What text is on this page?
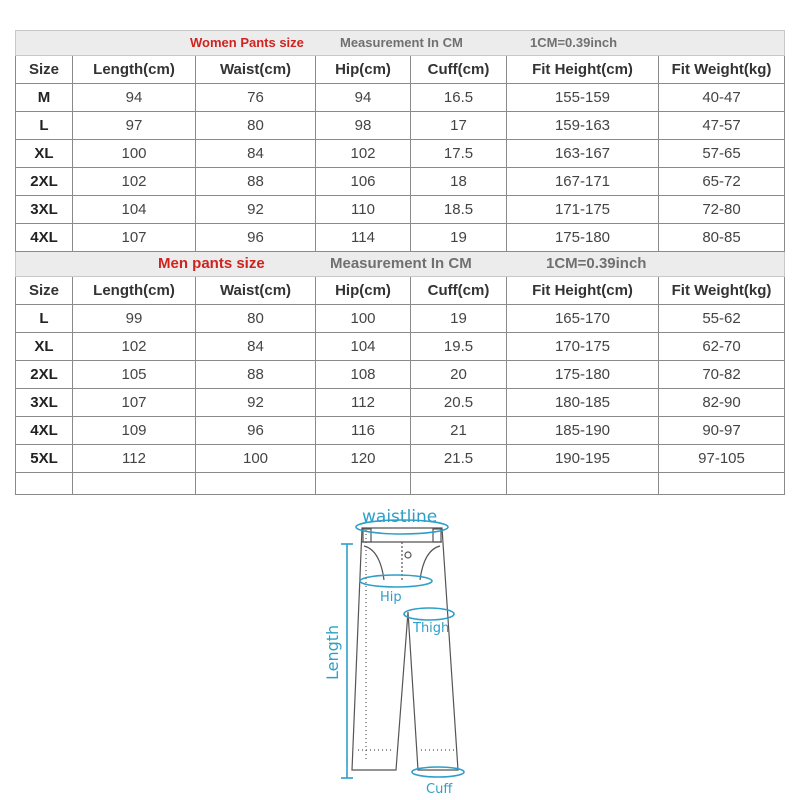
Women Pants size Measurement In CM 1CM=0.39inch						

Size	Length(cm)	Waist(cm)	Hip(cm)	Cuff(cm)	Fit Height(cm)	Fit Weight(kg)
M	94	76	94	16.5	155-159	40-47
L	97	80	98	17	159-163	47-57
XL	100	84	102	17.5	163-167	57-65
2XL	102	88	106	18	167-171	65-72
3XL	104	92	110	18.5	171-175	72-80
4XL	107	96	114	19	175-180	80-85

Men pants size Measurement In CM 1CM=0.39inch						

Size	Length(cm)	Waist(cm)	Hip(cm)	Cuff(cm)	Fit Height(cm)	Fit Weight(kg)
L	99	80	100	19	165-170	55-62
XL	102	84	104	19.5	170-175	62-70
2XL	105	88	108	20	175-180	70-82
3XL	107	92	112	20.5	180-185	82-90
4XL	109	96	116	21	185-190	90-97
5XL	112	100	120	21.5	190-195	97-105

waistline
Hip
Thigh
Length
Cuff
